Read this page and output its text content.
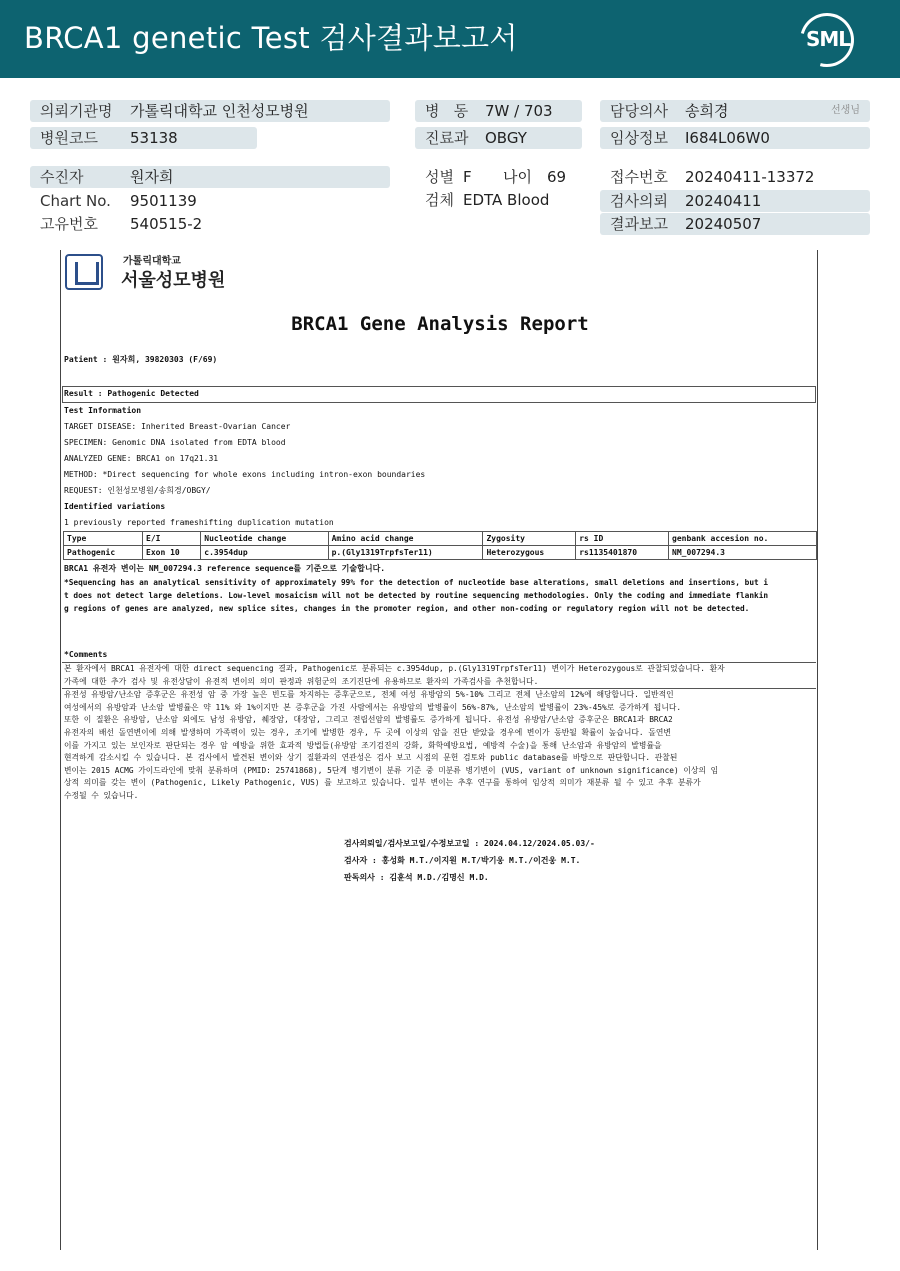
BRCA1 genetic Test 검사결과보고서	SML
의뢰기관명 가톨릭대학교 인천성모병원	병   동 7W / 703	담당의사 송희경	선생님
병원코드 53138	진료과 OBGY	임상정보 I684L06W0
수진자	원자희	성별 F 나이 69	접수번호 20240411-13372
Chart No. 9501139	검체 EDTA Blood	검사의뢰 20240411
고유번호 540515-2	결과보고 20240507
가톨릭대학교
서울성모병원
BRCA1 Gene Analysis Report
Patient : 원자희, 39820303 (F/69)
Result : Pathogenic Detected
Test Information
TARGET DISEASE: Inherited Breast-Ovarian Cancer
SPECIMEN: Genomic DNA isolated from EDTA blood
ANALYZED GENE: BRCA1 on 17q21.31
METHOD: *Direct sequencing for whole exons including intron-exon boundaries
REQUEST: 인천성모병원/송희경/OBGY/
Identified variations
1 previously reported frameshifting duplication mutation
Type	E/I	Nucleotide change	Amino acid change	Zygosity	rs ID	genbank accesion no.
Pathogenic	Exon 10	c.3954dup	p.(Gly1319TrpfsTer11)	Heterozygous	rs1135401870	NM_007294.3
BRCA1 유전자 변이는 NM_007294.3 reference sequence를 기준으로 기술합니다.
*Sequencing has an analytical sensitivity of approximately 99% for the detection of nucleotide base alterations, small deletions and insertions, but i
t does not detect large deletions. Low-level mosaicism will not be detected by routine sequencing methodologies. Only the coding and immediate flankin
g regions of genes are analyzed, new splice sites, changes in the promoter region, and other non-coding or regulatory region will not be detected.
*Comments
본 환자에서 BRCA1 유전자에 대한 direct sequencing 결과, Pathogenic로 분류되는 c.3954dup, p.(Gly1319TrpfsTer11) 변이가 Heterozygous로 관찰되었습니다. 환자
가족에 대한 추가 검사 및 유전상담이 유전적 변이의 의미 판정과 위험군의 조기진단에 유용하므로 환자의 가족검사를 추천합니다.
유전성 유방암/난소암 증후군은 유전성 암 중 가장 높은 빈도를 차지하는 증후군으로, 전체 여성 유방암의 5%-10% 그리고 전체 난소암의 12%에 해당합니다. 일반적인
여성에서의 유방암과 난소암 발병률은 약 11% 와 1%이지만 본 증후군을 가진 사람에서는 유방암의 발병률이 56%-87%, 난소암의 발병률이 23%-45%로 증가하게 됩니다.
또한 이 질환은 유방암, 난소암 외에도 남성 유방암, 췌장암, 대장암, 그리고 전립선암의 발병률도 증가하게 됩니다. 유전성 유방암/난소암 증후군은 BRCA1과 BRCA2
유전자의 배선 돌연변이에 의해 발생하며 가족력이 있는 경우, 조기에 발병한 경우, 두 곳에 이상의 암을 진단 받았을 경우에 변이가 동반될 확률이 높습니다. 돌연변
이를 가지고 있는 보인자로 판단되는 경우 암 예방을 위한 효과적 방법들(유방암 조기검진의 강화, 화학예방요법, 예방적 수술)을 통해 난소암과 유방암의 발병률을
현격하게 감소시킬 수 있습니다. 본 검사에서 발견된 변이와 상기 질환과의 연관성은 검사 보고 시점의 문헌 검토와 public database를 바탕으로 판단합니다. 관찰된
변이는 2015 ACMG 가이드라인에 맞춰 분류하며 (PMID: 25741868), 5단계 병기변이 분류 기준 중 미분류 병기변이 (VUS, variant of unknown significance) 이상의 임
상적 의미를 갖는 변이 (Pathogenic, Likely Pathogenic, VUS) 를 보고하고 있습니다. 일부 변이는 추후 연구를 통하여 임상적 의미가 재분류 될 수 있고 추후 분류가
수정될 수 있습니다.
검사의뢰일/검사보고일/수정보고일 : 2024.04.12/2024.05.03/-
검사자 : 홍성화 M.T./이지원 M.T/박기웅 M.T./이건웅 M.T.
판독의사 : 김훈석 M.D./김명신 M.D.
